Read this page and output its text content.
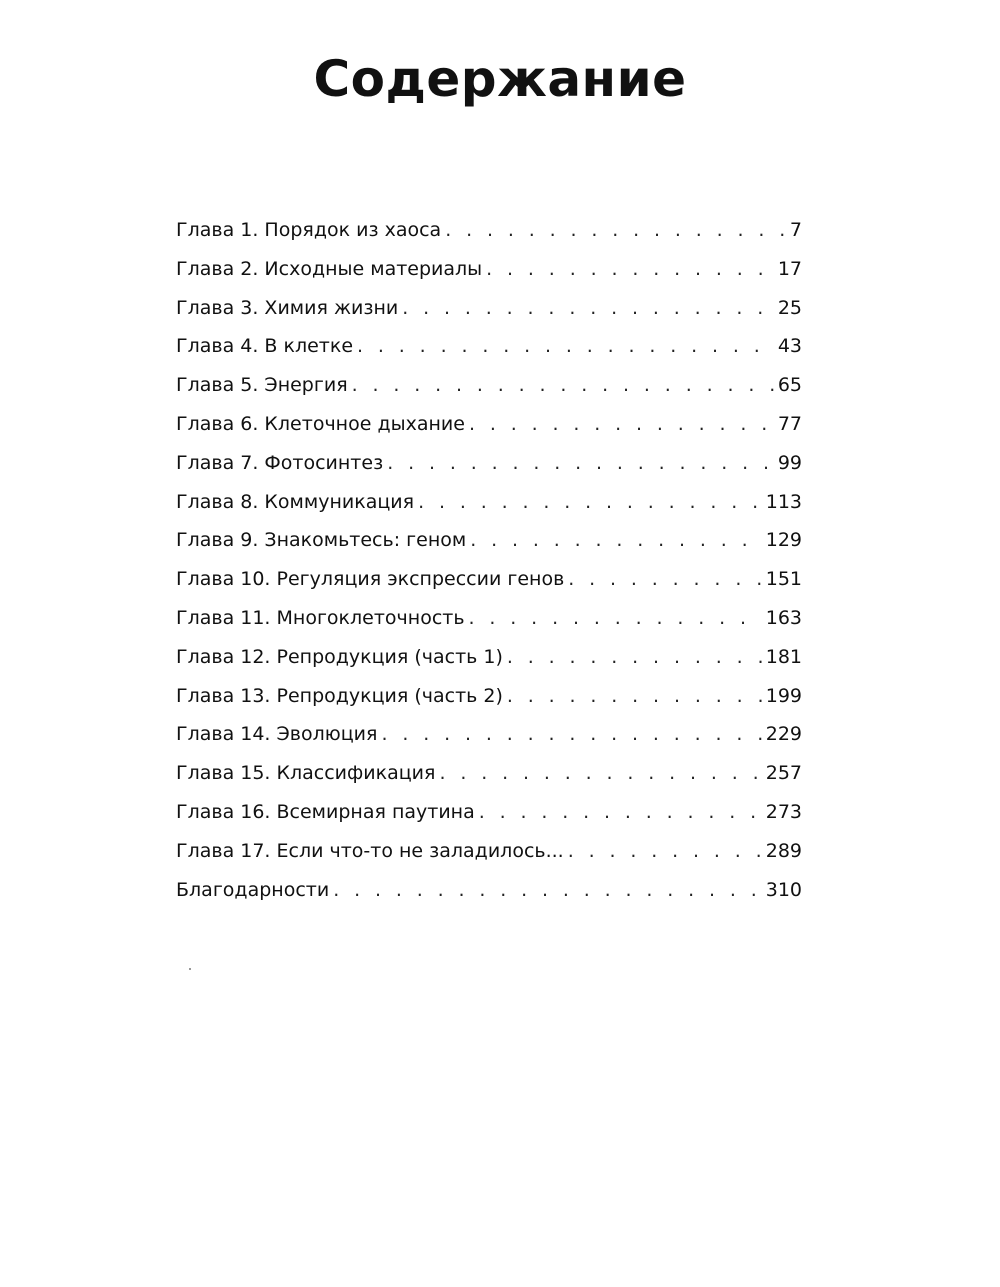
Содержание
Глава 1. Порядок из хаоса . . .	7
Глава 2. Исходные материалы . . .	17
Глава 3. Химия жизни . . .	25
Глава 4. В клетке . . .	43
Глава 5. Энергия . . .	65
Глава 6. Клеточное дыхание . . .	77
Глава 7. Фотосинтез . . .	99
Глава 8. Коммуникация . . .	113
Глава 9. Знакомьтесь: геном . . .	129
Глава 10. Регуляция экспрессии генов . . .	151
Глава 11. Многоклеточность . . .	163
Глава 12. Репродукция (часть 1) . . .	181
Глава 13. Репродукция (часть 2) . . .	199
Глава 14. Эволюция . . .	229
Глава 15. Классификация . . .	257
Глава 16. Всемирная паутина . . .	273
Глава 17. Если что-то не заладилось... . . .	289
Благодарности . . .	310
